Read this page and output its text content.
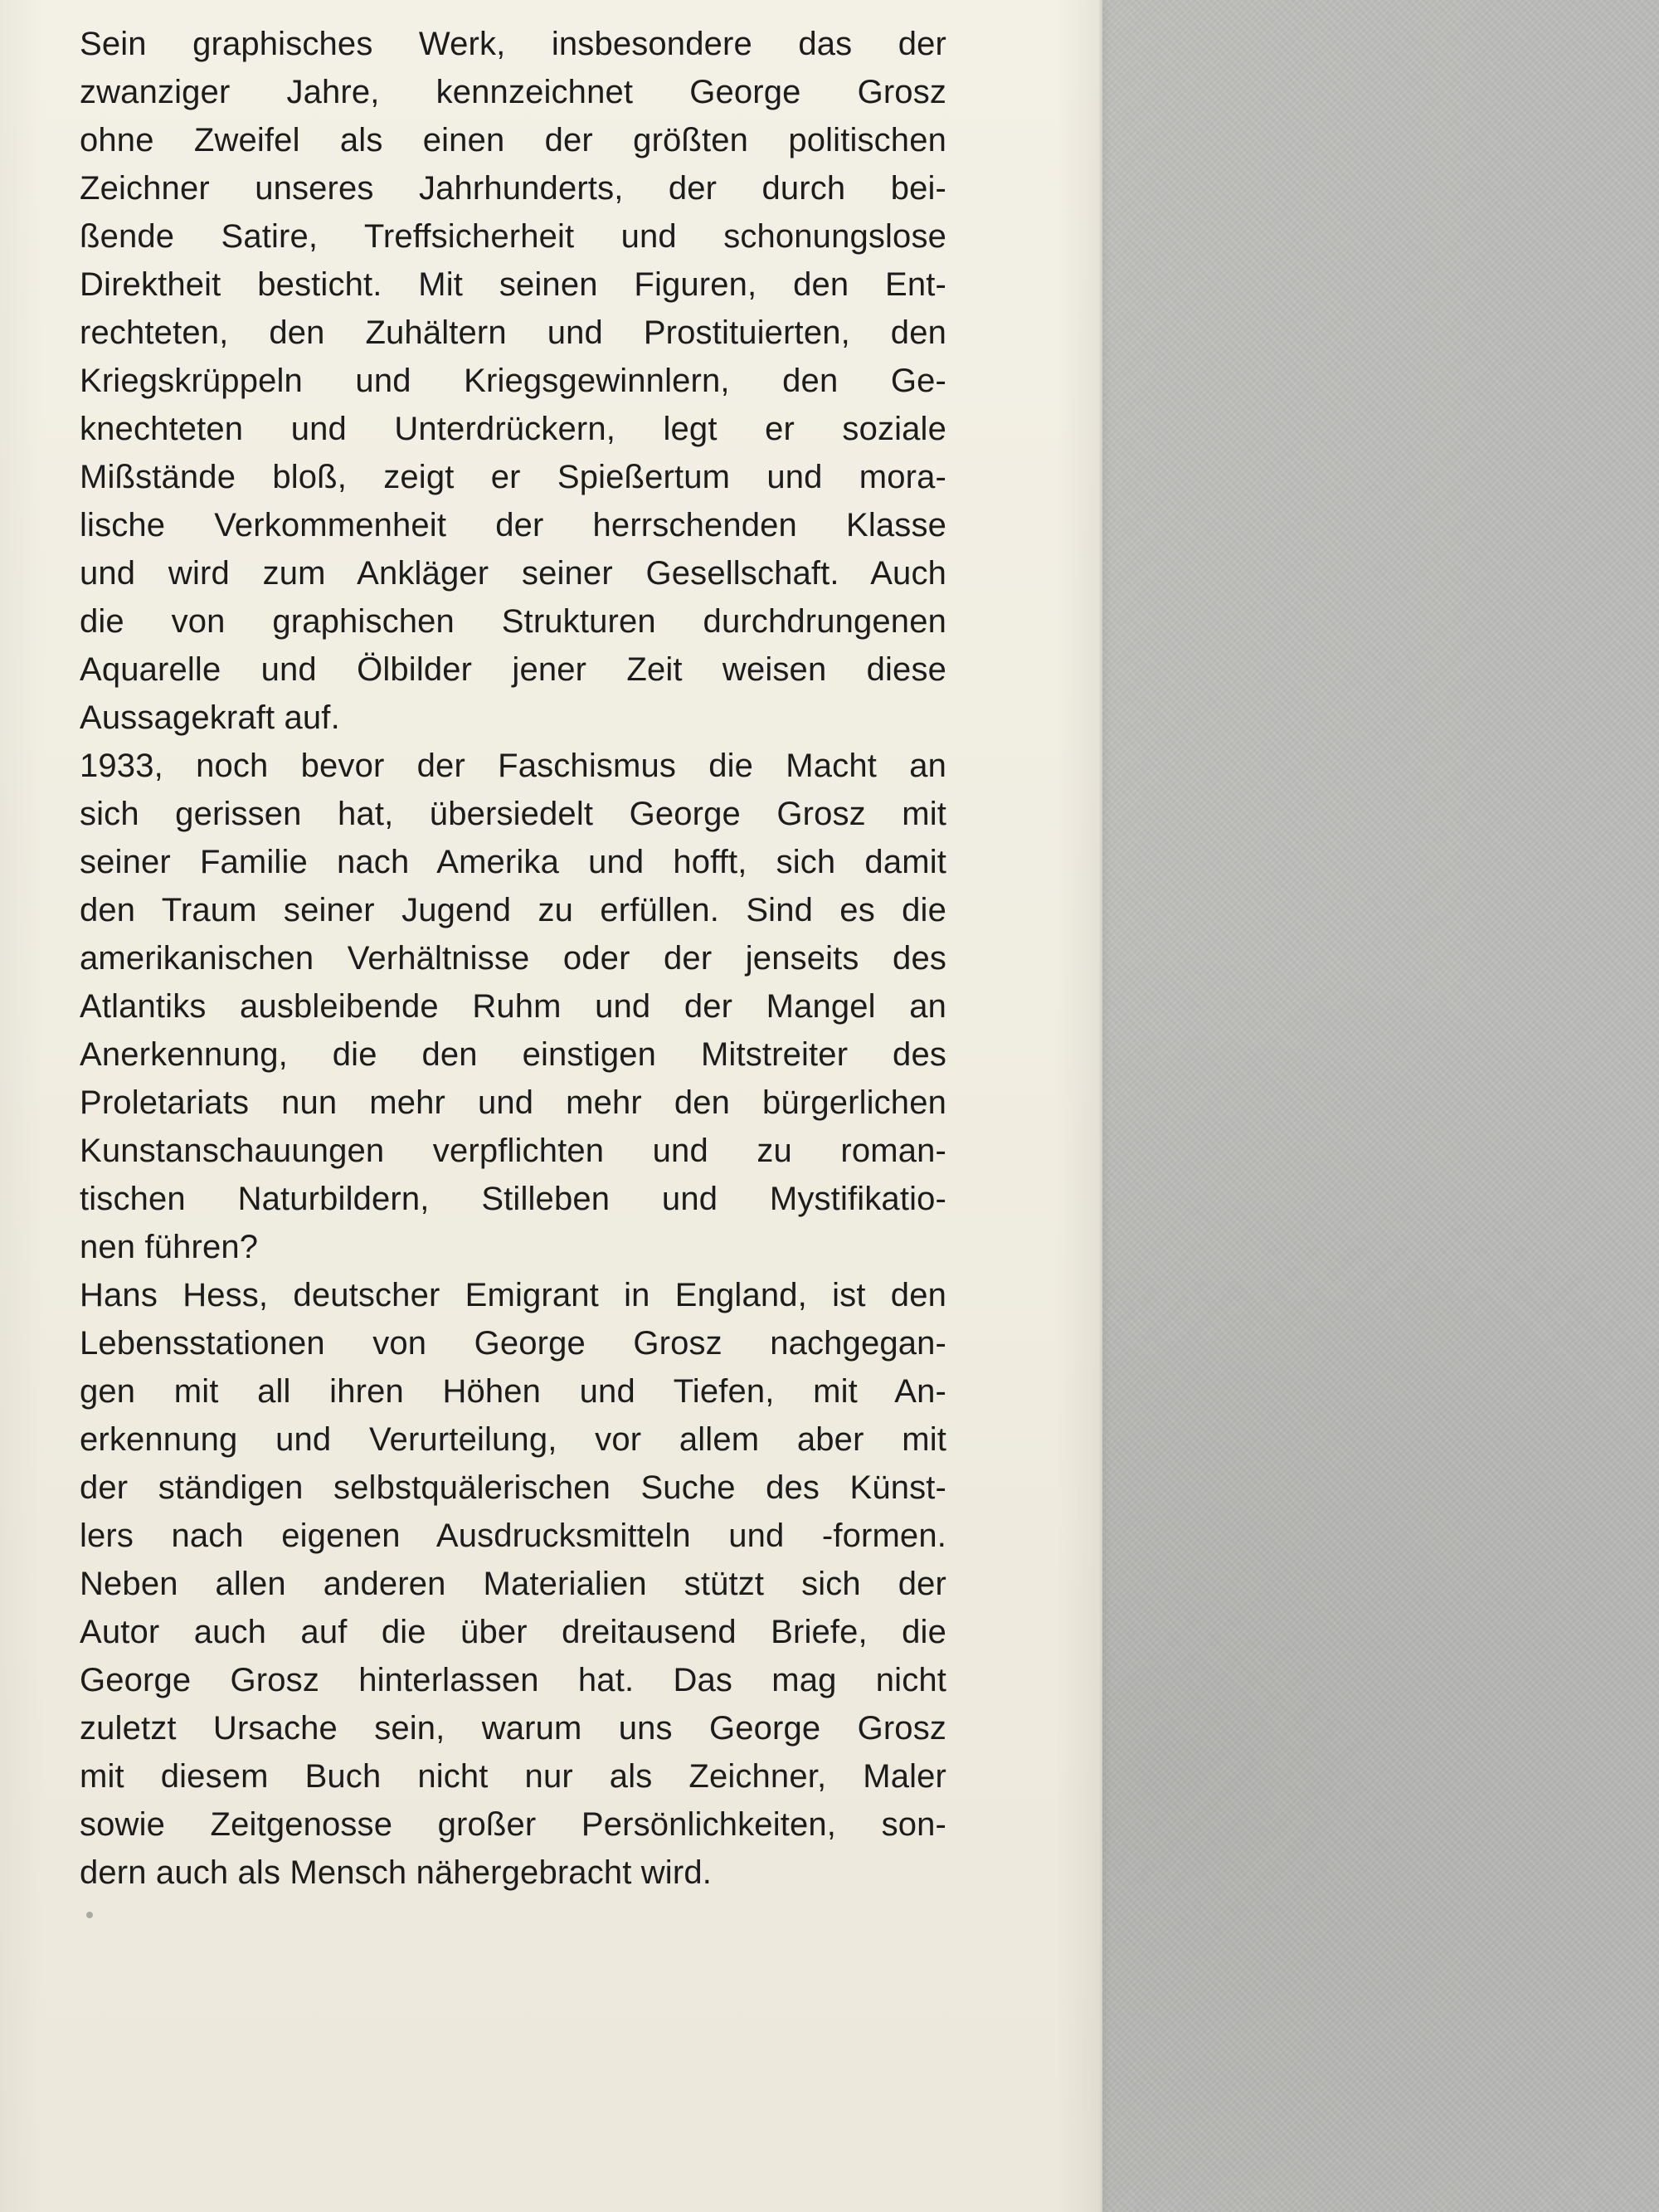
Sein graphisches Werk, insbesondere das der
zwanziger Jahre, kennzeichnet George Grosz
ohne Zweifel als einen der größten politischen
Zeichner unseres Jahrhunderts, der durch bei-
ßende Satire, Treffsicherheit und schonungslose
Direktheit besticht. Mit seinen Figuren, den Ent-
rechteten, den Zuhältern und Prostituierten, den
Kriegskrüppeln und Kriegsgewinnlern, den Ge-
knechteten und Unterdrückern, legt er soziale
Mißstände bloß, zeigt er Spießertum und mora-
lische Verkommenheit der herrschenden Klasse
und wird zum Ankläger seiner Gesellschaft. Auch
die von graphischen Strukturen durchdrungenen
Aquarelle und Ölbilder jener Zeit weisen diese
Aussagekraft auf.
1933, noch bevor der Faschismus die Macht an
sich gerissen hat, übersiedelt George Grosz mit
seiner Familie nach Amerika und hofft, sich damit
den Traum seiner Jugend zu erfüllen. Sind es die
amerikanischen Verhältnisse oder der jenseits des
Atlantiks ausbleibende Ruhm und der Mangel an
Anerkennung, die den einstigen Mitstreiter des
Proletariats nun mehr und mehr den bürgerlichen
Kunstanschauungen verpflichten und zu roman-
tischen Naturbildern, Stilleben und Mystifikatio-
nen führen?
Hans Hess, deutscher Emigrant in England, ist den
Lebensstationen von George Grosz nachgegan-
gen mit all ihren Höhen und Tiefen, mit An-
erkennung und Verurteilung, vor allem aber mit
der ständigen selbstquälerischen Suche des Künst-
lers nach eigenen Ausdrucksmitteln und -formen.
Neben allen anderen Materialien stützt sich der
Autor auch auf die über dreitausend Briefe, die
George Grosz hinterlassen hat. Das mag nicht
zuletzt Ursache sein, warum uns George Grosz
mit diesem Buch nicht nur als Zeichner, Maler
sowie Zeitgenosse großer Persönlichkeiten, son-
dern auch als Mensch nähergebracht wird.
